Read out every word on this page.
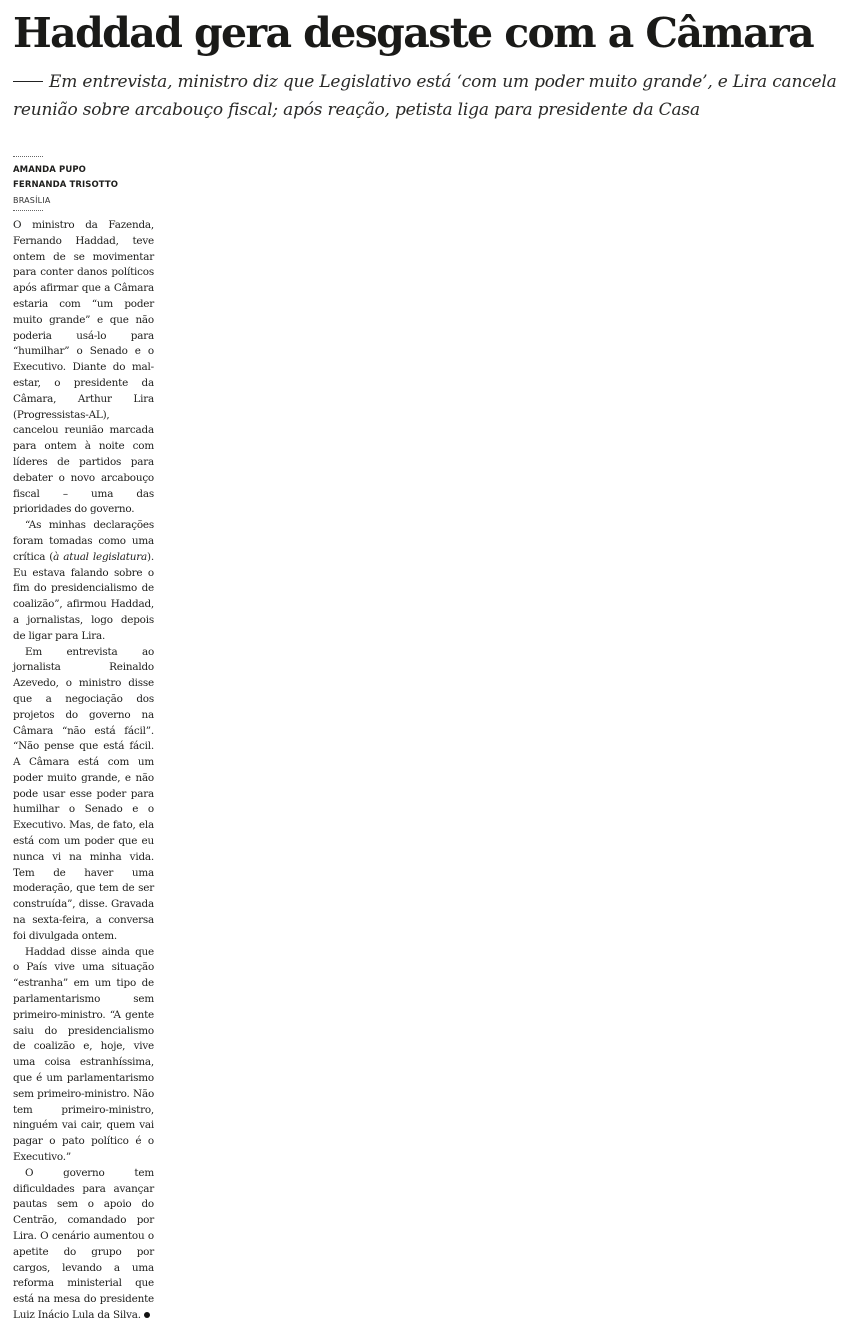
Haddad gera desgaste com a Câmara

Em entrevista, ministro diz que Legislativo está ‘com um poder muito grande’, e Lira cancela reunião sobre arcabouço fiscal; após reação, petista liga para presidente da Casa

AMANDA PUPO
FERNANDA TRISOTTO
BRASÍLIA

O ministro da Fazenda, Fernando Haddad, teve ontem de se movimentar para conter danos políticos após afirmar que a Câmara estaria com “um poder muito grande” e que não poderia usá-lo para “humilhar” o Senado e o Executivo. Diante do mal-estar, o presidente da Câmara, Arthur Lira (Progressistas-AL), cancelou reunião marcada para ontem à noite com líderes de partidos para debater o novo arcabouço fiscal – uma das prioridades do governo.

“As minhas declarações foram tomadas como uma crítica (à atual legislatura). Eu estava falando sobre o fim do presidencialismo de coalizão”, afirmou Haddad, a jornalistas, logo depois de ligar para Lira.

Em entrevista ao jornalista Reinaldo Azevedo, o ministro disse que a negociação dos projetos do governo na Câmara “não está fácil”. “Não pense que está fácil. A Câmara está com um poder muito grande, e não pode usar esse poder para humilhar o Senado e o Executivo. Mas, de fato, ela está com um poder que eu nunca vi na minha vida. Tem de haver uma moderação, que tem de ser construída”, disse. Gravada na sexta-feira, a conversa foi divulgada ontem.

Haddad disse ainda que o País vive uma situação “estranha” em um tipo de parlamentarismo sem primeiro-ministro. “A gente saiu do presidencialismo de coalizão e, hoje, vive uma coisa estranhíssima, que é um parlamentarismo sem primeiro-ministro. Não tem primeiro-ministro, ninguém vai cair, quem vai pagar o pato político é o Executivo.”

O governo tem dificuldades para avançar pautas sem o apoio do Centrão, comandado por Lira. O cenário aumentou o apetite do grupo por cargos, levando a uma reforma ministerial que está na mesa do presidente Luiz Inácio Lula da Silva.
